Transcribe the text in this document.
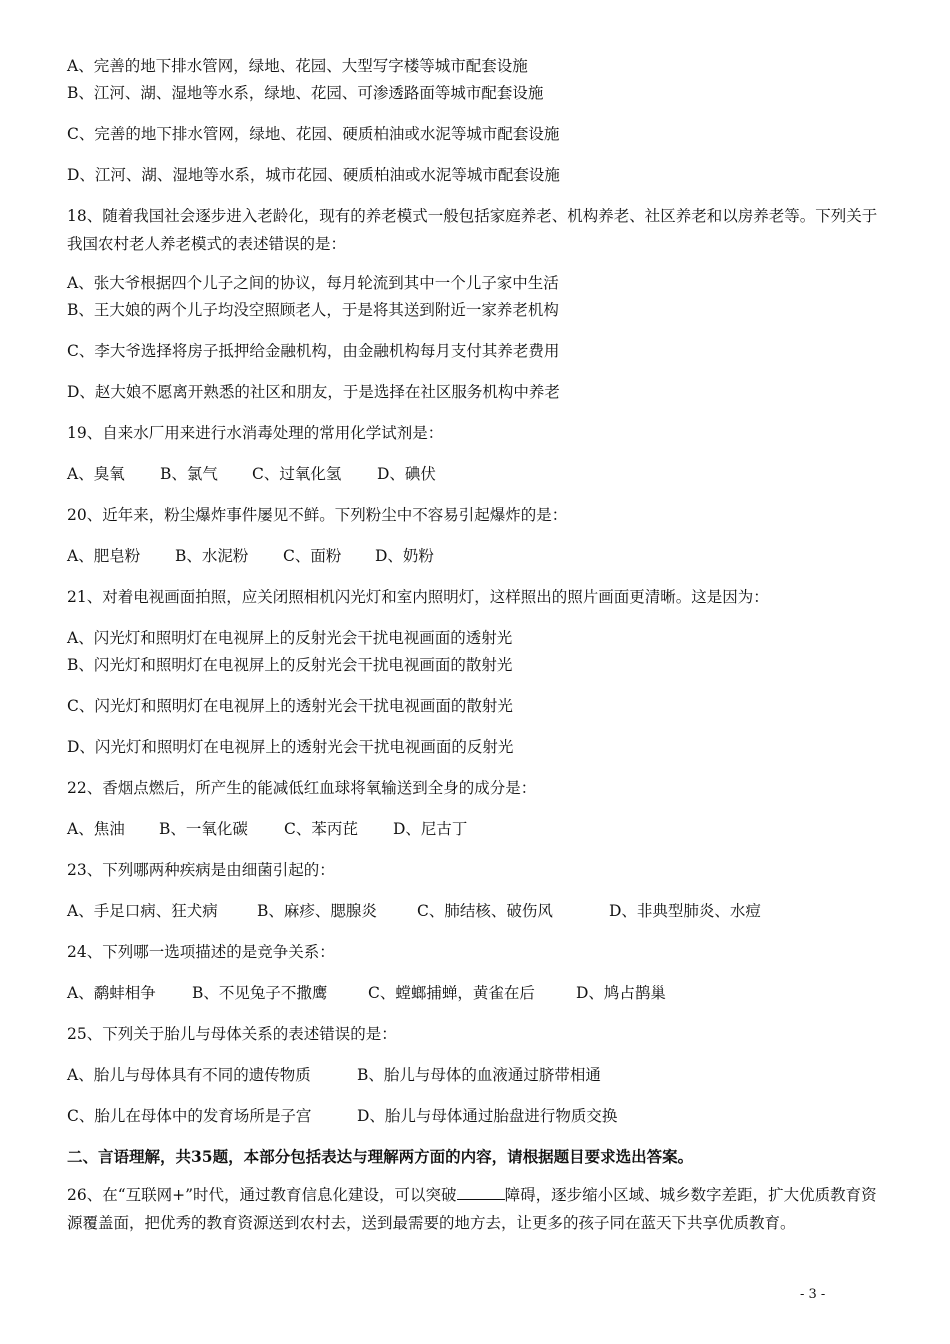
A、完善的地下排水管网，绿地、花园、大型写字楼等城市配套设施
B、江河、湖、湿地等水系，绿地、花园、可渗透路面等城市配套设施
C、完善的地下排水管网，绿地、花园、硬质柏油或水泥等城市配套设施
D、江河、湖、湿地等水系，城市花园、硬质柏油或水泥等城市配套设施
18、随着我国社会逐步进入老龄化，现有的养老模式一般包括家庭养老、机构养老、社区养老和以房养老等。下列关于我国农村老人养老模式的表述错误的是：
A、张大爷根据四个儿子之间的协议，每月轮流到其中一个儿子家中生活
B、王大娘的两个儿子均没空照顾老人，于是将其送到附近一家养老机构
C、李大爷选择将房子抵押给金融机构，由金融机构每月支付其养老费用
D、赵大娘不愿离开熟悉的社区和朋友，于是选择在社区服务机构中养老
19、自来水厂用来进行水消毒处理的常用化学试剂是：
A、臭氧 B、氯气 C、过氧化氢 D、碘伏
20、近年来，粉尘爆炸事件屡见不鲜。下列粉尘中不容易引起爆炸的是：
A、肥皂粉 B、水泥粉 C、面粉 D、奶粉
21、对着电视画面拍照，应关闭照相机闪光灯和室内照明灯，这样照出的照片画面更清晰。这是因为：
A、闪光灯和照明灯在电视屏上的反射光会干扰电视画面的透射光
B、闪光灯和照明灯在电视屏上的反射光会干扰电视画面的散射光
C、闪光灯和照明灯在电视屏上的透射光会干扰电视画面的散射光
D、闪光灯和照明灯在电视屏上的透射光会干扰电视画面的反射光
22、香烟点燃后，所产生的能减低红血球将氧输送到全身的成分是：
A、焦油 B、一氧化碳 C、苯丙芘 D、尼古丁
23、下列哪两种疾病是由细菌引起的：
A、手足口病、狂犬病	B、麻疹、腮腺炎	C、肺结核、破伤风	D、非典型肺炎、水痘
24、下列哪一选项描述的是竞争关系：
A、鹬蚌相争 B、不见兔子不撒鹰	C、螳螂捕蝉，黄雀在后	D、鸠占鹊巢
25、下列关于胎儿与母体关系的表述错误的是：
A、胎儿与母体具有不同的遗传物质	B、胎儿与母体的血液通过脐带相通
C、胎儿在母体中的发育场所是子宫	D、胎儿与母体通过胎盘进行物质交换
二、言语理解，共35题，本部分包括表达与理解两方面的内容，请根据题目要求选出答案。
26、在“互联网+”时代，通过教育信息化建设，可以突破	障碍，逐步缩小区域、城乡数字差距，扩大优质教育资源覆盖面，把优秀的教育资源送到农村去，送到最需要的地方去，让更多的孩子同在蓝天下共享优质教育。
- 3 -
